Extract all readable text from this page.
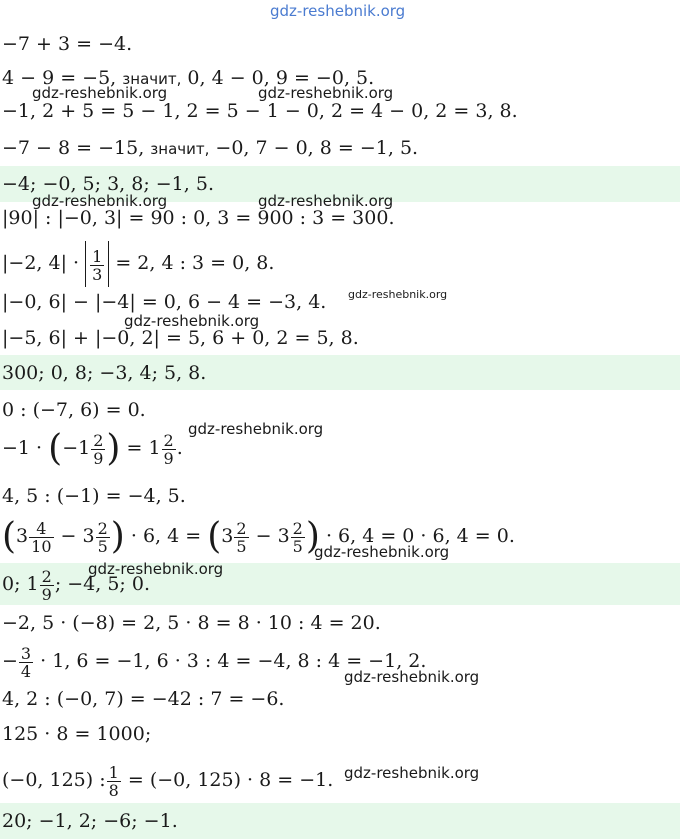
gdz-reshebnik.org
gdz-reshebnik.org	gdz-reshebnik.org
gdz-reshebnik.org	gdz-reshebnik.org
gdz-reshebnik.org
gdz-reshebnik.org
gdz-reshebnik.org
gdz-reshebnik.org
gdz-reshebnik.org
gdz-reshebnik.org
gdz-reshebnik.org
−7 + 3 = −4.
4 − 9 = −5, значит, 0, 4 − 0, 9 = −0, 5.
−1, 2 + 5 = 5 − 1, 2 = 5 − 1 − 0, 2 = 4 − 0, 2 = 3, 8.
−7 − 8 = −15, значит, −0, 7 − 0, 8 = −1, 5.
−4; −0, 5; 3, 8; −1, 5.
|90| : |−0, 3| = 90 : 0, 3 = 900 : 3 = 300.
|−2, $4| \cdot \frac{1}{3} = 2$, 4 : 3 = 0, 8.
|−0, 6| − |−4| = 0, 6 − 4 = −3, 4.
|−5, 6| + |−0, 2| = 5, 6 + 0, 2 = 5, 8.
300; 0, 8; −3, 4; 5, 8.
0 : (−7, 6) = 0.
$-1 \cdot (-1 \frac{2}{9}$ ) = $1 \frac{2}{9}$ .
4, 5 : (−1) = −4, 5.
($3 \frac{4}{10} - 3 \frac{2}{5}$ ) · 6, $4 = (3 \frac{2}{5} - 3 \frac{2}{5}$ ) · 6, 4 = 0 · 6, 4 = 0.
0; $1 \frac{2}{9}$ ; −4, 5; 0.
−2, 5 · (−8) = 2, 5 · 8 = 8 · 10 : 4 = 20.
− $\frac{3}{4} \cdot 1$, 6 = −1, 6 · 3 : 4 = −4, 8 : 4 = −1, 2.
4, 2 : (−0, 7) = −42 : 7 = −6.
125 · 8 = 1000;
(−0, 125) : $\frac{1}{8} = (-0$, 125) · 8 = −1.
20; −1, 2; −6; −1.
